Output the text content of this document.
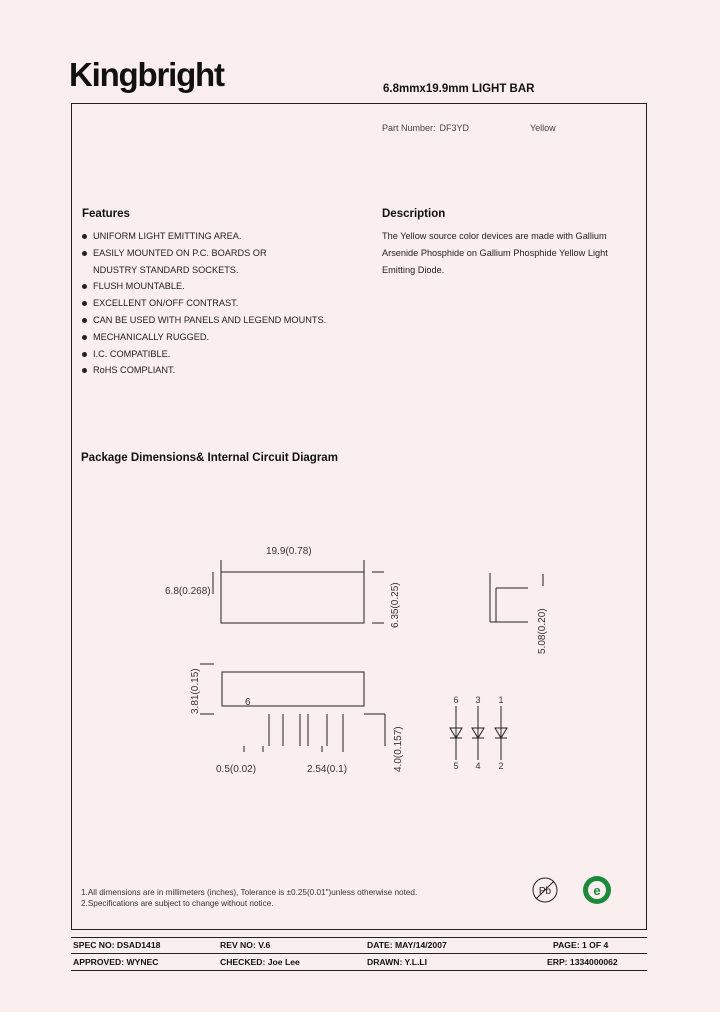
Kingbright	6.8mmx19.9mm LIGHT BAR
Part Number: DF3YD	Yellow
Features
UNIFORM LIGHT EMITTING AREA.
EASILY MOUNTED ON P.C. BOARDS OR
NDUSTRY STANDARD SOCKETS.
FLUSH MOUNTABLE.
EXCELLENT ON/OFF CONTRAST.
CAN BE USED WITH PANELS AND LEGEND MOUNTS.
MECHANICALLY RUGGED.
I.C. COMPATIBLE.
RoHS COMPLIANT.
Description
The Yellow source color devices are made with Gallium Arsenide Phosphide on Gallium Phosphide Yellow Light Emitting Diode.
Package Dimensions& Internal Circuit Diagram
19.9(0.78)
6.8(0.268)	6.35(0.25)
5.08(0.20)
3.81(0.15)
4.0(0.157)
0.5(0.02)	2.54(0.1)
6	6 3 1
5 4 2
Pb	e
1.All dimensions are in millimeters (inches), Tolerance is ±0.25(0.01")unless otherwise noted.
2.Specifications are subject to change without notice.
SPEC NO: DSAD1418	REV NO: V.6	DATE: MAY/14/2007	PAGE: 1 OF 4
APPROVED: WYNEC	CHECKED: Joe Lee	DRAWN: Y.L.LI	ERP: 1334000062
